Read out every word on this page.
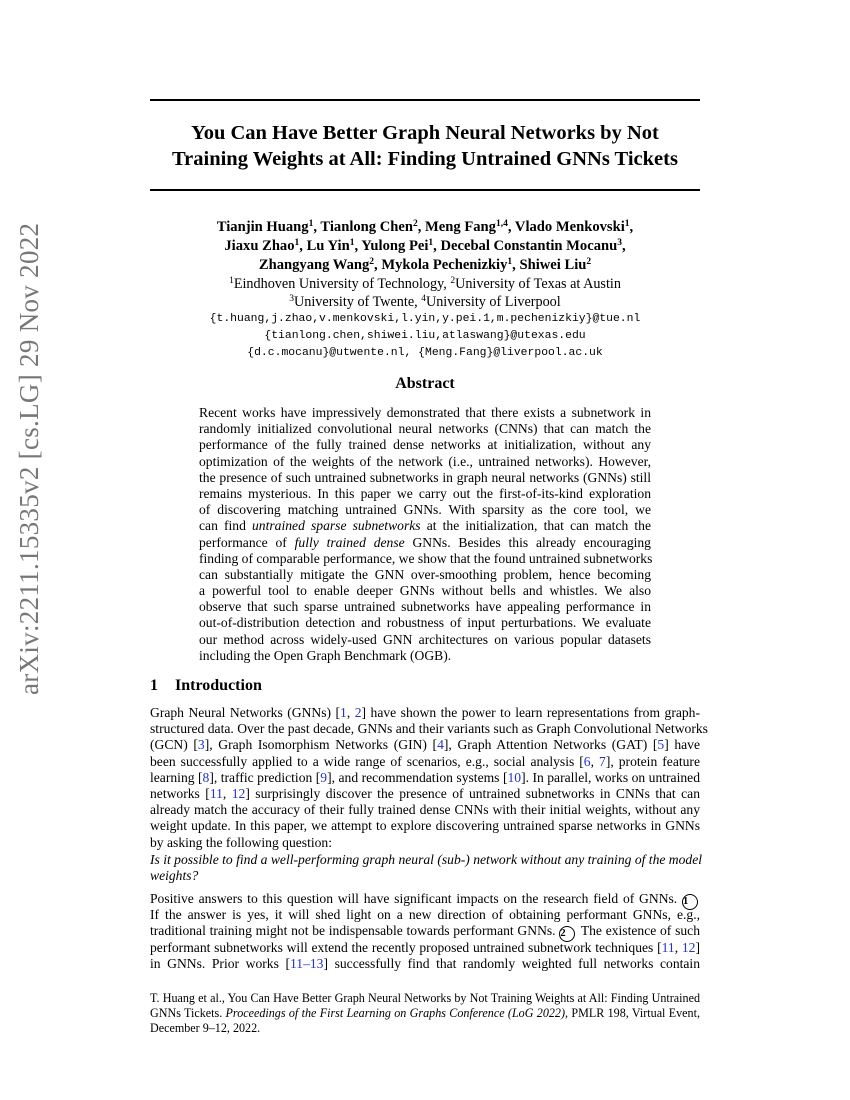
arXiv:2211.15335v2 [cs.LG] 29 Nov 2022
You Can Have Better Graph Neural Networks by Not
Training Weights at All: Finding Untrained GNNs Tickets
Tianjin Huang$^1$, Tianlong Chen$^2$, Meng Fang$^{1,4}$, Vlado Menkovski$^1$,
Jiaxu Zhao$^1$, Lu Yin$^1$, Yulong Pei$^1$, Decebal Constantin Mocanu$^3$,
Zhangyang Wang$^2$, Mykola Pechenizkiy$^1$, Shiwei Liu$^2$
$^1$Eindhoven University of Technology, $^2$University of Texas at Austin
$^3$University of Twente, $^4$University of Liverpool
{t.huang,j.zhao,v.menkovski,l.yin,y.pei.1,m.pechenizkiy}@tue.nl
{tianlong.chen,shiwei.liu,atlaswang}@utexas.edu
{d.c.mocanu}@utwente.nl, {Meng.Fang}@liverpool.ac.uk
Abstract
Recent works have impressively demonstrated that there exists a subnetwork in
randomly initialized convolutional neural networks (CNNs) that can match the
performance of the fully trained dense networks at initialization, without any
optimization of the weights of the network (i.e., untrained networks). However,
the presence of such untrained subnetworks in graph neural networks (GNNs) still
remains mysterious. In this paper we carry out the first-of-its-kind exploration
of discovering matching untrained GNNs. With sparsity as the core tool, we
can find untrained sparse subnetworks at the initialization, that can match the
performance of fully trained dense GNNs. Besides this already encouraging
finding of comparable performance, we show that the found untrained subnetworks
can substantially mitigate the GNN over-smoothing problem, hence becoming
a powerful tool to enable deeper GNNs without bells and whistles. We also
observe that such sparse untrained subnetworks have appealing performance in
out-of-distribution detection and robustness of input perturbations. We evaluate
our method across widely-used GNN architectures on various popular datasets
including the Open Graph Benchmark (OGB).
1 Introduction
Graph Neural Networks (GNNs) [1, 2] have shown the power to learn representations from graph-
structured data. Over the past decade, GNNs and their variants such as Graph Convolutional Networks
(GCN) [3], Graph Isomorphism Networks (GIN) [4], Graph Attention Networks (GAT) [5] have
been successfully applied to a wide range of scenarios, e.g., social analysis [6, 7], protein feature
learning [8], traffic prediction [9], and recommendation systems [10]. In parallel, works on untrained
networks [11, 12] surprisingly discover the presence of untrained subnetworks in CNNs that can
already match the accuracy of their fully trained dense CNNs with their initial weights, without any
weight update. In this paper, we attempt to explore discovering untrained sparse networks in GNNs
by asking the following question:
Is it possible to find a well-performing graph neural (sub-) network without any training of the model
weights?
Positive answers to this question will have significant impacts on the research field of GNNs. 1
If the answer is yes, it will shed light on a new direction of obtaining performant GNNs, e.g.,
traditional training might not be indispensable towards performant GNNs. 2 The existence of such
performant subnetworks will extend the recently proposed untrained subnetwork techniques [11, 12]
in GNNs. Prior works [11–13] successfully find that randomly weighted full networks contain
T. Huang et al., You Can Have Better Graph Neural Networks by Not Training Weights at All: Finding Untrained
GNNs Tickets. Proceedings of the First Learning on Graphs Conference (LoG 2022), PMLR 198, Virtual Event,
December 9–12, 2022.
